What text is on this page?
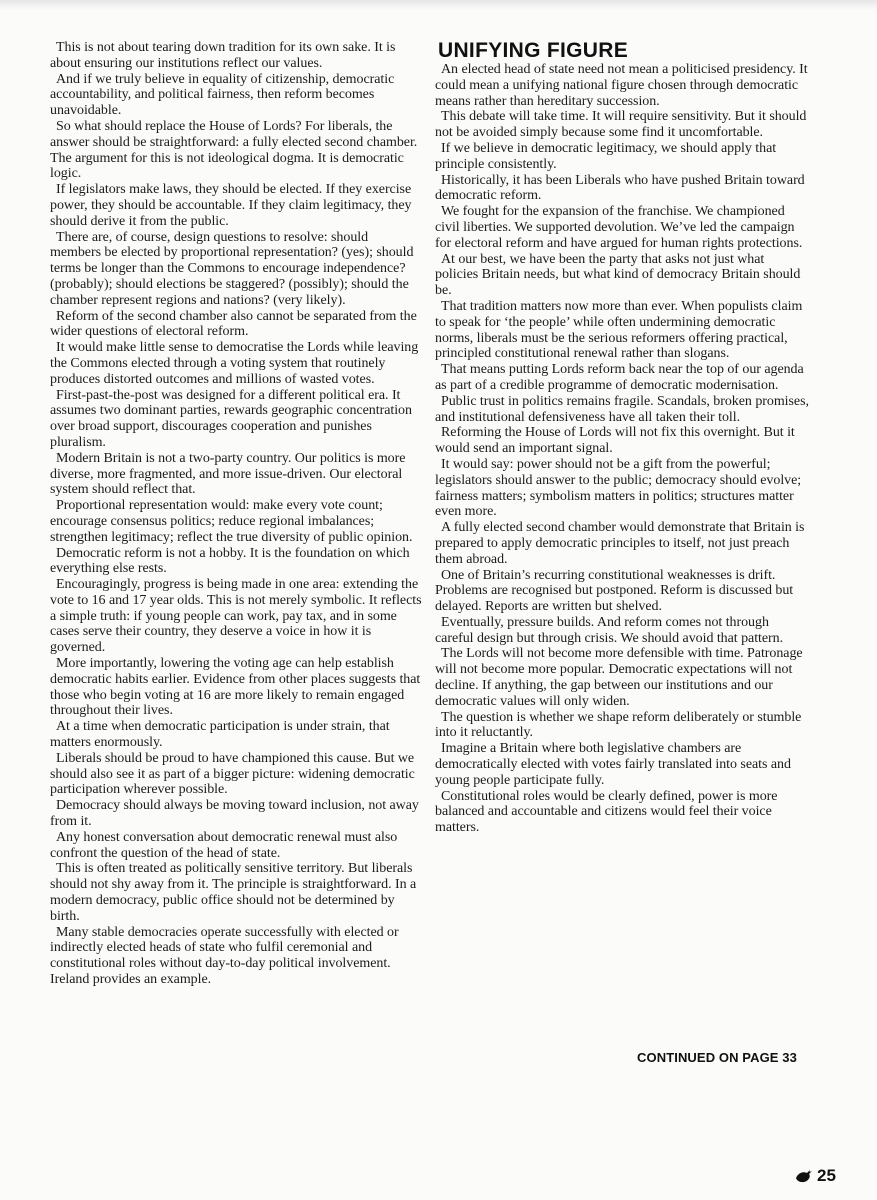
This is not about tearing down tradition for its own sake. It is about ensuring our institutions reflect our values.

And if we truly believe in equality of citizenship, democratic accountability, and political fairness, then reform becomes unavoidable.

So what should replace the House of Lords? For liberals, the answer should be straightforward: a fully elected second chamber. The argument for this is not ideological dogma. It is democratic logic.

If legislators make laws, they should be elected. If they exercise power, they should be accountable. If they claim legitimacy, they should derive it from the public.

There are, of course, design questions to resolve: should members be elected by proportional representation? (yes); should terms be longer than the Commons to encourage independence? (probably); should elections be staggered? (possibly); should the chamber represent regions and nations? (very likely).

Reform of the second chamber also cannot be separated from the wider questions of electoral reform.

It would make little sense to democratise the Lords while leaving the Commons elected through a voting system that routinely produces distorted outcomes and millions of wasted votes.

First-past-the-post was designed for a different political era. It assumes two dominant parties, rewards geographic concentration over broad support, discourages cooperation and punishes pluralism.

Modern Britain is not a two-party country. Our politics is more diverse, more fragmented, and more issue-driven. Our electoral system should reflect that.

Proportional representation would: make every vote count; encourage consensus politics; reduce regional imbalances; strengthen legitimacy; reflect the true diversity of public opinion.

Democratic reform is not a hobby. It is the foundation on which everything else rests.

Encouragingly, progress is being made in one area: extending the vote to 16 and 17 year olds. This is not merely symbolic. It reflects a simple truth: if young people can work, pay tax, and in some cases serve their country, they deserve a voice in how it is governed.

More importantly, lowering the voting age can help establish democratic habits earlier. Evidence from other places suggests that those who begin voting at 16 are more likely to remain engaged throughout their lives.

At a time when democratic participation is under strain, that matters enormously.

Liberals should be proud to have championed this cause. But we should also see it as part of a bigger picture: widening democratic participation wherever possible.

Democracy should always be moving toward inclusion, not away from it.

Any honest conversation about democratic renewal must also confront the question of the head of state.

This is often treated as politically sensitive territory. But liberals should not shy away from it. The principle is straightforward. In a modern democracy, public office should not be determined by birth.

Many stable democracies operate successfully with elected or indirectly elected heads of state who fulfil ceremonial and constitutional roles without day-to-day political involvement. Ireland provides an example.

UNIFYING FIGURE

An elected head of state need not mean a politicised presidency. It could mean a unifying national figure chosen through democratic means rather than hereditary succession.

This debate will take time. It will require sensitivity. But it should not be avoided simply because some find it uncomfortable.

If we believe in democratic legitimacy, we should apply that principle consistently.

Historically, it has been Liberals who have pushed Britain toward democratic reform.

We fought for the expansion of the franchise. We championed civil liberties. We supported devolution. We’ve led the campaign for electoral reform and have argued for human rights protections.

At our best, we have been the party that asks not just what policies Britain needs, but what kind of democracy Britain should be.

That tradition matters now more than ever. When populists claim to speak for ‘the people’ while often undermining democratic norms, liberals must be the serious reformers offering practical, principled constitutional renewal rather than slogans.

That means putting Lords reform back near the top of our agenda as part of a credible programme of democratic modernisation.

Public trust in politics remains fragile. Scandals, broken promises, and institutional defensiveness have all taken their toll.

Reforming the House of Lords will not fix this overnight. But it would send an important signal.

It would say: power should not be a gift from the powerful; legislators should answer to the public; democracy should evolve; fairness matters; symbolism matters in politics; structures matter even more.

A fully elected second chamber would demonstrate that Britain is prepared to apply democratic principles to itself, not just preach them abroad.

One of Britain’s recurring constitutional weaknesses is drift. Problems are recognised but postponed. Reform is discussed but delayed. Reports are written but shelved.

Eventually, pressure builds. And reform comes not through careful design but through crisis. We should avoid that pattern.

The Lords will not become more defensible with time. Patronage will not become more popular. Democratic expectations will not decline. If anything, the gap between our institutions and our democratic values will only widen.

The question is whether we shape reform deliberately or stumble into it reluctantly.

Imagine a Britain where both legislative chambers are democratically elected with votes fairly translated into seats and young people participate fully.

Constitutional roles would be clearly defined, power is more balanced and accountable and citizens would feel their voice matters.

CONTINUED ON PAGE 33
25
